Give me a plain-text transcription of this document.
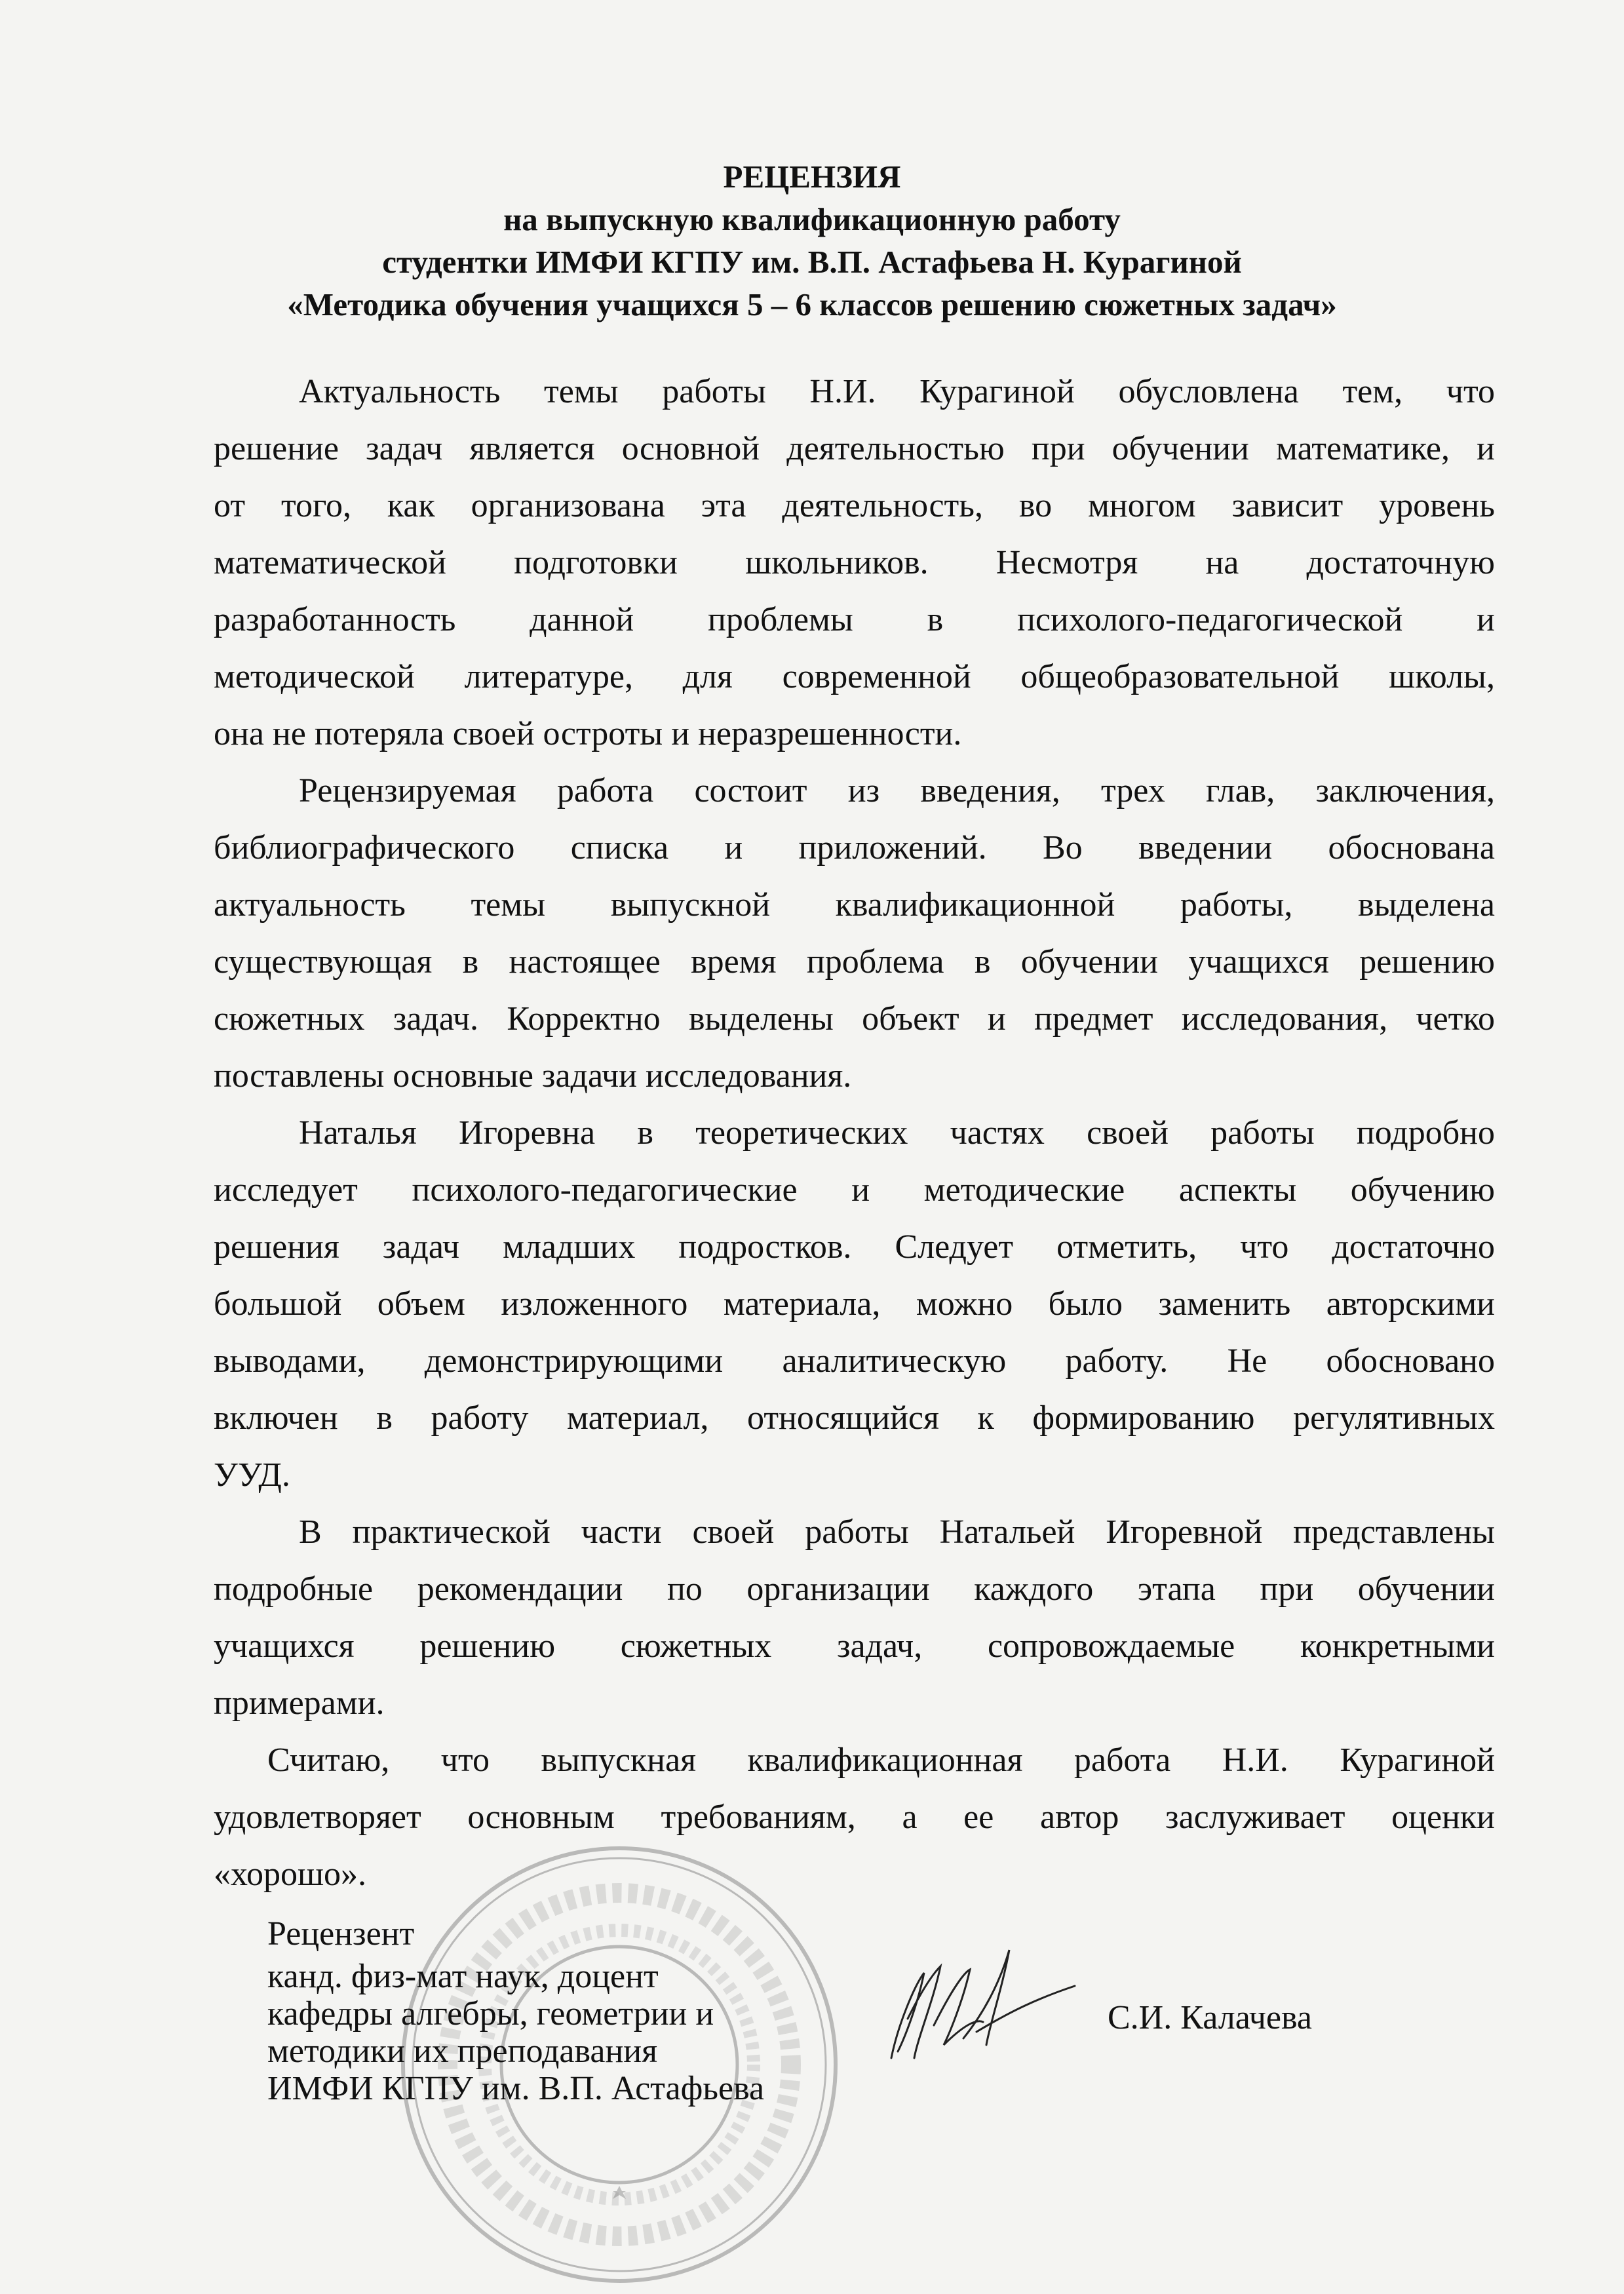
РЕЦЕНЗИЯ
на выпускную квалификационную работу
студентки ИМФИ КГПУ им. В.П. Астафьева Н. Курагиной
«Методика обучения учащихся 5 – 6 классов решению сюжетных задач»
Актуальность темы работы Н.И. Курагиной обусловлена тем, что
решение задач является основной деятельностью при обучении математике, и
от того, как организована эта деятельность, во многом зависит уровень
математической подготовки школьников. Несмотря на достаточную
разработанность данной проблемы в психолого-педагогической и
методической литературе, для современной общеобразовательной школы,
она не потеряла своей остроты и неразрешенности.
Рецензируемая работа состоит из введения, трех глав, заключения,
библиографического списка и приложений. Во введении обоснована
актуальность темы выпускной квалификационной работы, выделена
существующая в настоящее время проблема в обучении учащихся решению
сюжетных задач. Корректно выделены объект и предмет исследования, четко
поставлены основные задачи исследования.
Наталья Игоревна в теоретических частях своей работы подробно
исследует психолого-педагогические и методические аспекты обучению
решения задач младших подростков. Следует отметить, что достаточно
большой объем изложенного материала, можно было заменить авторскими
выводами, демонстрирующими аналитическую работу. Не обосновано
включен в работу материал, относящийся к формированию регулятивных
УУД.
В практической части своей работы Натальей Игоревной представлены
подробные рекомендации по организации каждого этапа при обучении
учащихся решению сюжетных задач, сопровождаемые конкретными
примерами.
Считаю, что выпускная квалификационная работа Н.И. Курагиной
удовлетворяет основным требованиям, а ее автор заслуживает оценки
«хорошо».
Рецензент
канд. физ-мат наук, доцент
кафедры алгебры, геометрии и
методики их преподавания
ИМФИ КГПУ им. В.П. Астафьева
С.И. Калачева
